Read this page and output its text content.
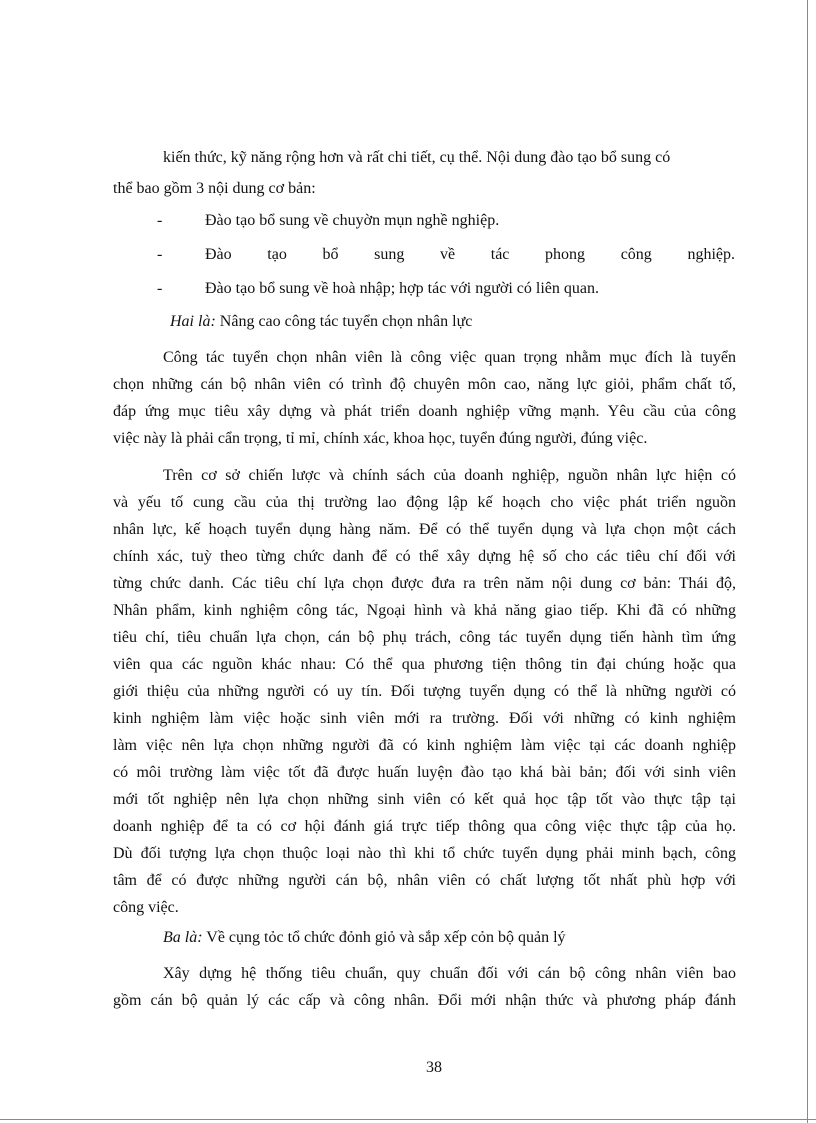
kiến thức, kỹ năng rộng hơn và rất chi tiết, cụ thể. Nội dung đào tạo bổ sung có
thể bao gồm 3 nội dung cơ bản:
-	Đào tạo bổ sung về chuyờn mụn nghề nghiệp.
-	Đào tạo bổ sung về tác phong công nghiệp.
-	Đào tạo bổ sung về hoà nhập; hợp tác với người có liên quan.
Hai là: Nâng cao công tác tuyển chọn nhân lực
Công tác tuyển chọn nhân viên là công việc quan trọng nhằm mục đích là tuyển
chọn những cán bộ nhân viên có trình độ chuyên môn cao, năng lực giỏi, phẩm chất tố,
đáp ứng mục tiêu xây dựng và phát triển doanh nghiệp vững mạnh. Yêu cầu của công
việc này là phải cẩn trọng, tỉ mỉ, chính xác, khoa học, tuyển đúng người, đúng việc.
Trên cơ sở chiến lược và chính sách của doanh nghiệp, nguồn nhân lực hiện có
và yếu tố cung cầu của thị trường lao động lập kế hoạch cho việc phát triển nguồn
nhân lực, kế hoạch tuyển dụng hàng năm. Để có thể tuyển dụng và lựa chọn một cách
chính xác, tuỳ theo từng chức danh để có thể xây dựng hệ số cho các tiêu chí đối với
từng chức danh. Các tiêu chí lựa chọn được đưa ra trên năm nội dung cơ bản: Thái độ,
Nhân phẩm, kinh nghiệm công tác, Ngoại hình và khả năng giao tiếp. Khi đã có những
tiêu chí, tiêu chuẩn lựa chọn, cán bộ phụ trách, công tác tuyển dụng tiến hành tìm ứng
viên qua các nguồn khác nhau: Có thể qua phương tiện thông tin đại chúng hoặc qua
giới thiệu của những người có uy tín. Đối tượng tuyển dụng có thể là những người có
kinh nghiệm làm việc hoặc sinh viên mới ra trường. Đối với những có kinh nghiệm
làm việc nên lựa chọn những người đã có kinh nghiệm làm việc tại các doanh nghiệp
có môi trường làm việc tốt đã được huấn luyện đào tạo khá bài bản; đối với sinh viên
mới tốt nghiệp nên lựa chọn những sinh viên có kết quả học tập tốt vào thực tập tại
doanh nghiệp để ta có cơ hội đánh giá trực tiếp thông qua công việc thực tập của họ.
Dù đối tượng lựa chọn thuộc loại nào thì khi tổ chức tuyển dụng phải minh bạch, công
tâm để có được những người cán bộ, nhân viên có chất lượng tốt nhất phù hợp với
công việc.
Ba là: Về cụng tỏc tổ chức đỏnh giỏ và sắp xếp cỏn bộ quản lý
Xây dựng hệ thống tiêu chuẩn, quy chuẩn đối với cán bộ công nhân viên bao
gồm cán bộ quản lý các cấp và công nhân. Đổi mới nhận thức và phương pháp đánh
38
